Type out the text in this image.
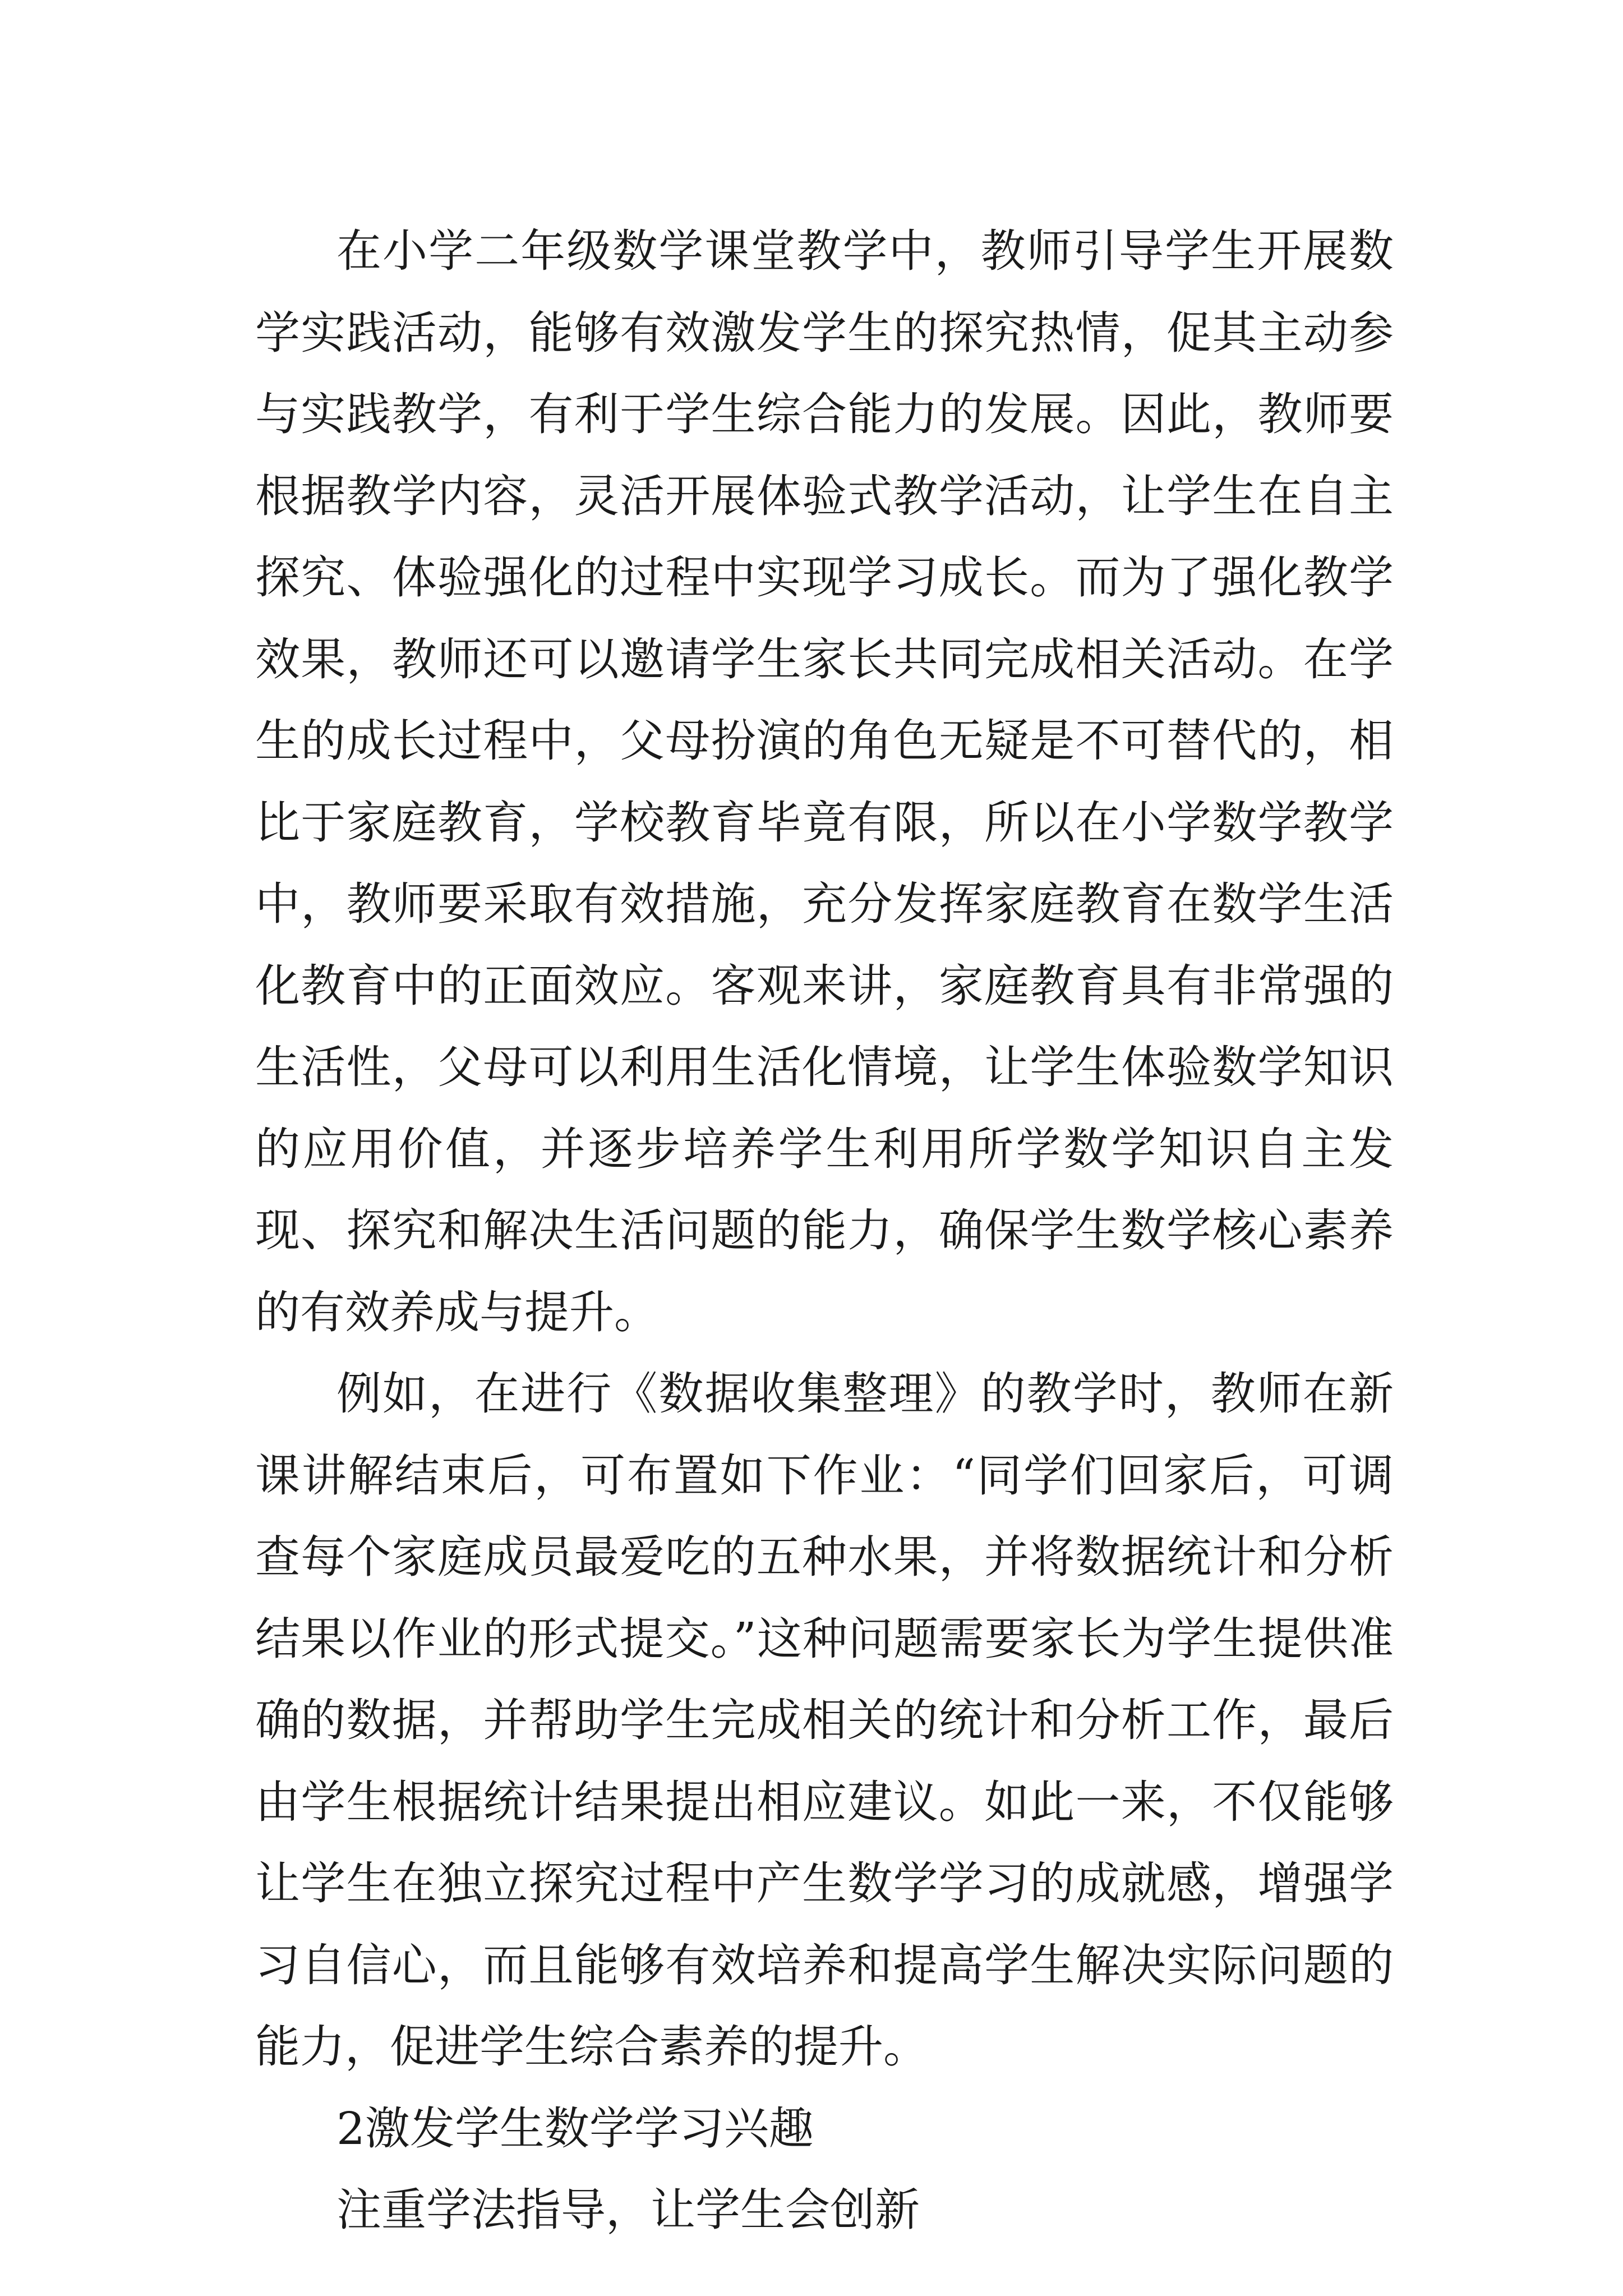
在小学二年级数学课堂教学中，教师引导学生开展数学实践活动，能够有效激发学生的探究热情，促其主动参与实践教学，有利于学生综合能力的发展。因此，教师要根据教学内容，灵活开展体验式教学活动，让学生在自主探究、体验强化的过程中实现学习成长。而为了强化教学效果，教师还可以邀请学生家长共同完成相关活动。在学生的成长过程中，父母扮演的角色无疑是不可替代的，相比于家庭教育，学校教育毕竟有限，所以在小学数学教学中，教师要采取有效措施，充分发挥家庭教育在数学生活化教育中的正面效应。客观来讲，家庭教育具有非常强的生活性，父母可以利用生活化情境，让学生体验数学知识的应用价值，并逐步培养学生利用所学数学知识自主发现、探究和解决生活问题的能力，确保学生数学核心素养的有效养成与提升。

例如，在进行《数据收集整理》的教学时，教师在新课讲解结束后，可布置如下作业：“同学们回家后，可调查每个家庭成员最爱吃的五种水果，并将数据统计和分析结果以作业的形式提交。”这种问题需要家长为学生提供准确的数据，并帮助学生完成相关的统计和分析工作，最后由学生根据统计结果提出相应建议。如此一来，不仅能够让学生在独立探究过程中产生数学学习的成就感，增强学习自信心，而且能够有效培养和提高学生解决实际问题的能力，促进学生综合素养的提升。

2激发学生数学学习兴趣

注重学法指导，让学生会创新
